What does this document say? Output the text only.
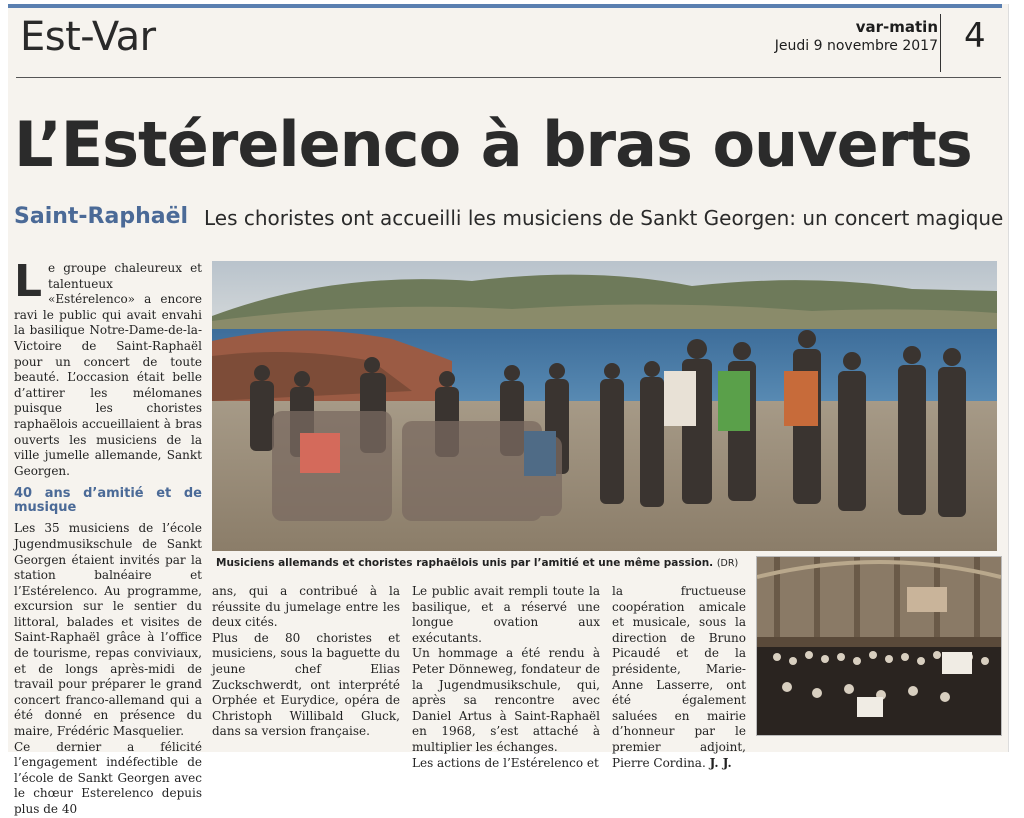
Est-Var	var-matin
Jeudi 9 novembre 2017 4
L’Estérelenco à bras ouverts
Saint-Raphaël Les choristes ont accueilli les musiciens de Sankt Georgen: un concert magique

Le groupe chaleureux et talentueux «Estérelenco» a encore ravi le public qui avait envahi la basilique Notre-Dame-de-la-Victoire de Saint-Raphaël pour un concert de toute beauté. L’occasion était belle d’attirer les mélomanes puisque les choristes raphaëlois accueillaient à bras ouverts les musiciens de la ville jumelle allemande, Sankt Georgen.

40 ans d’amitié et de musique

Les 35 musiciens de l’école Jugendmusikschule de Sankt Georgen étaient invités par la station balnéaire et l’Estérelenco. Au programme, excursion sur le sentier du littoral, balades et visites de Saint-Raphaël grâce à l’office de tourisme, repas conviviaux, et de longs après-midi de travail pour préparer le grand concert franco-allemand qui a été donné en présence du maire, Frédéric Masquelier.

Ce dernier a félicité l’engagement indéfectible de l’école de Sankt Georgen avec le chœur Esterelenco depuis plus de 40

Musiciens allemands et choristes raphaëlois unis par l’amitié et une même passion. (DR)

ans, qui a contribué à la réussite du jumelage entre les deux cités.

Plus de 80 choristes et musiciens, sous la baguette du jeune chef Elias Zuckschwerdt, ont interprété Orphée et Eurydice, opéra de Christoph Willibald Gluck, dans sa version française.

Le public avait rempli toute la basilique, et a réservé une longue ovation aux exécutants.

Un hommage a été rendu à Peter Dönneweg, fondateur de la Jugendmusikschule, qui, après sa rencontre avec Daniel Artus à Saint-Raphaël en 1968, s’est attaché à multiplier les échanges.

Les actions de l’Estérelenco et

la fructueuse coopération amicale et musicale, sous la direction de Bruno Picaudé et de la présidente, Marie-Anne Lasserre, ont été également saluées en mairie d’honneur par le premier adjoint, Pierre Cordina. J. J.
